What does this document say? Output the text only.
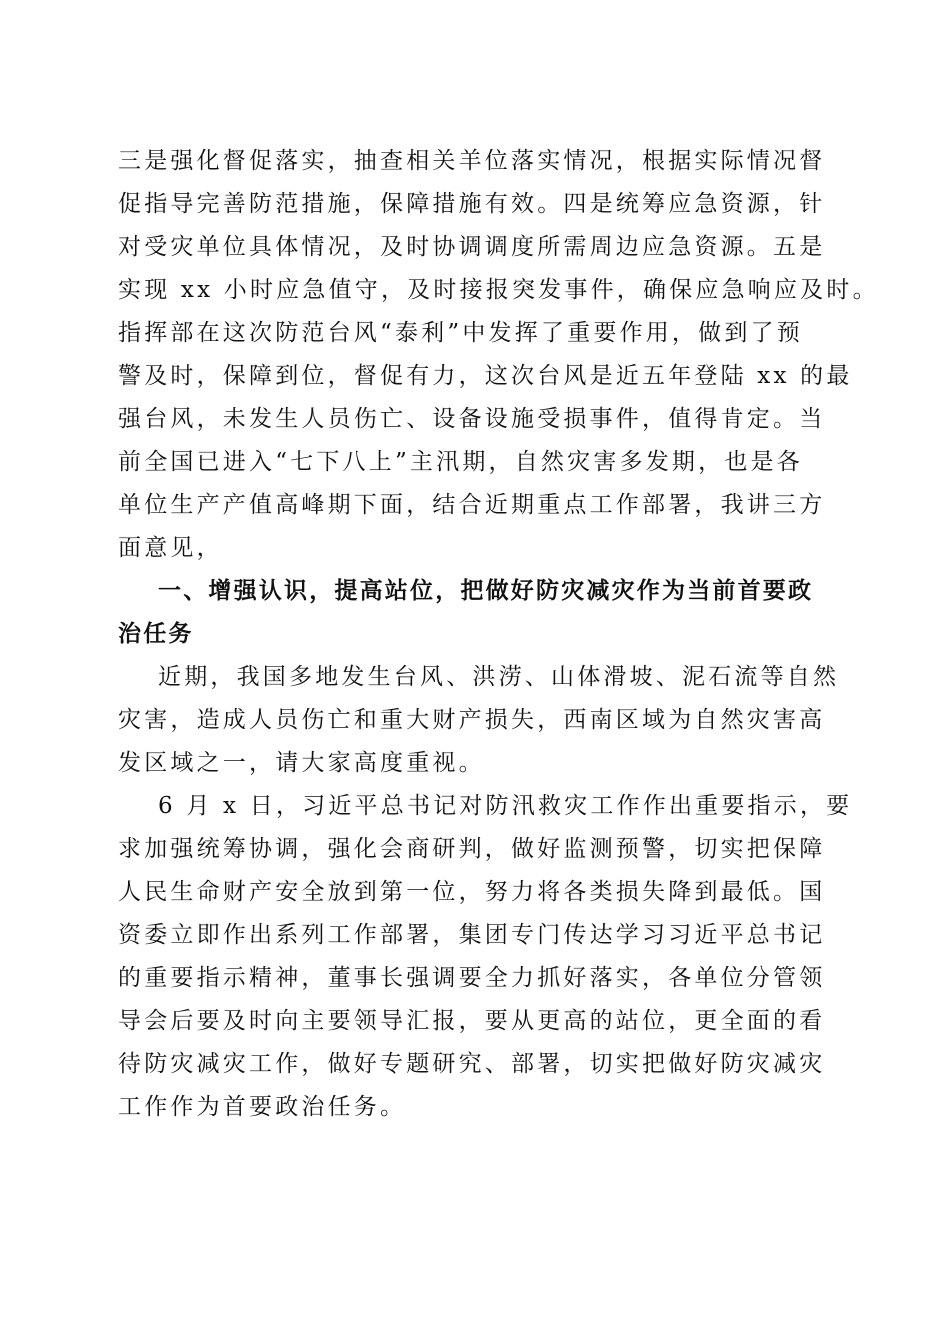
三是强化督促落实，抽查相关羊位落实情况，根据实际情况督
促指导完善防范措施，保障措施有效。四是统筹应急资源，针
对受灾单位具体情况，及时协调调度所需周边应急资源。五是
实现 xx 小时应急值守，及时接报突发事件，确保应急响应及时。
指挥部在这次防范台风“泰利”中发挥了重要作用，做到了预
警及时，保障到位，督促有力，这次台风是近五年登陆 xx 的最
强台风，未发生人员伤亡、设备设施受损事件，值得肯定。当
前全国已进入“七下八上”主汛期，自然灾害多发期，也是各
单位生产产值高峰期下面，结合近期重点工作部署，我讲三方
面意见，
一、增强认识，提高站位，把做好防灾减灾作为当前首要政
治任务
近期，我国多地发生台风、洪涝、山体滑坡、泥石流等自然
灾害，造成人员伤亡和重大财产损失，西南区域为自然灾害高
发区域之一，请大家高度重视。
6 月 x 日，习近平总书记对防汛救灾工作作出重要指示，要
求加强统筹协调，强化会商研判，做好监测预警，切实把保障
人民生命财产安全放到第一位，努力将各类损失降到最低。国
资委立即作出系列工作部署，集团专门传达学习习近平总书记
的重要指示精神，董事长强调要全力抓好落实，各单位分管领
导会后要及时向主要领导汇报，要从更高的站位，更全面的看
待防灾减灾工作，做好专题研究、部署，切实把做好防灾减灾
工作作为首要政治任务。
